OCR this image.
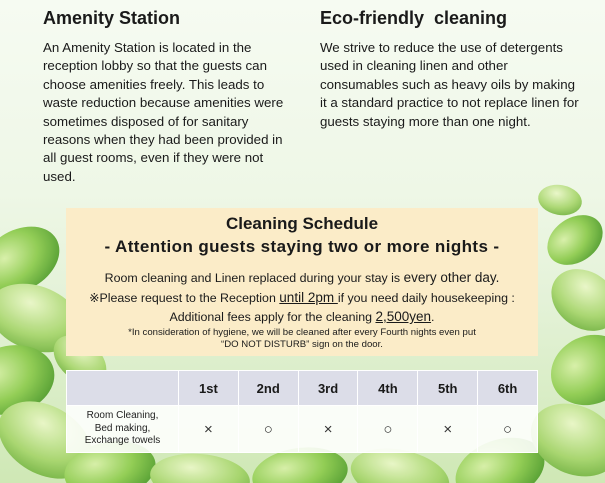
Amenity Station

An Amenity Station is located in the reception lobby so that the guests can choose amenities freely. This leads to waste reduction because amenities were sometimes disposed of for sanitary reasons when they had been provided in all guest rooms, even if they were not used.

Eco-friendly  cleaning

We strive to reduce the use of detergents used in cleaning linen and other consumables such as heavy oils by making it a standard practice to not replace linen for guests staying more than one night.

Cleaning Schedule
- Attention guests staying two or more nights -
Room cleaning and Linen replaced during your stay is every other day.
※Please request to the Reception until 2pm if you need daily housekeeping :
Additional fees apply for the cleaning 2,500yen.
*In consideration of hygiene, we will be cleaned after every Fourth nights even put
“DO NOT DISTURB” sign on the door.
	1st	2nd	3rd	4th	5th	6th

Room Cleaning,
Bed making,
Exchange towels	×	○	×	○	×	○
